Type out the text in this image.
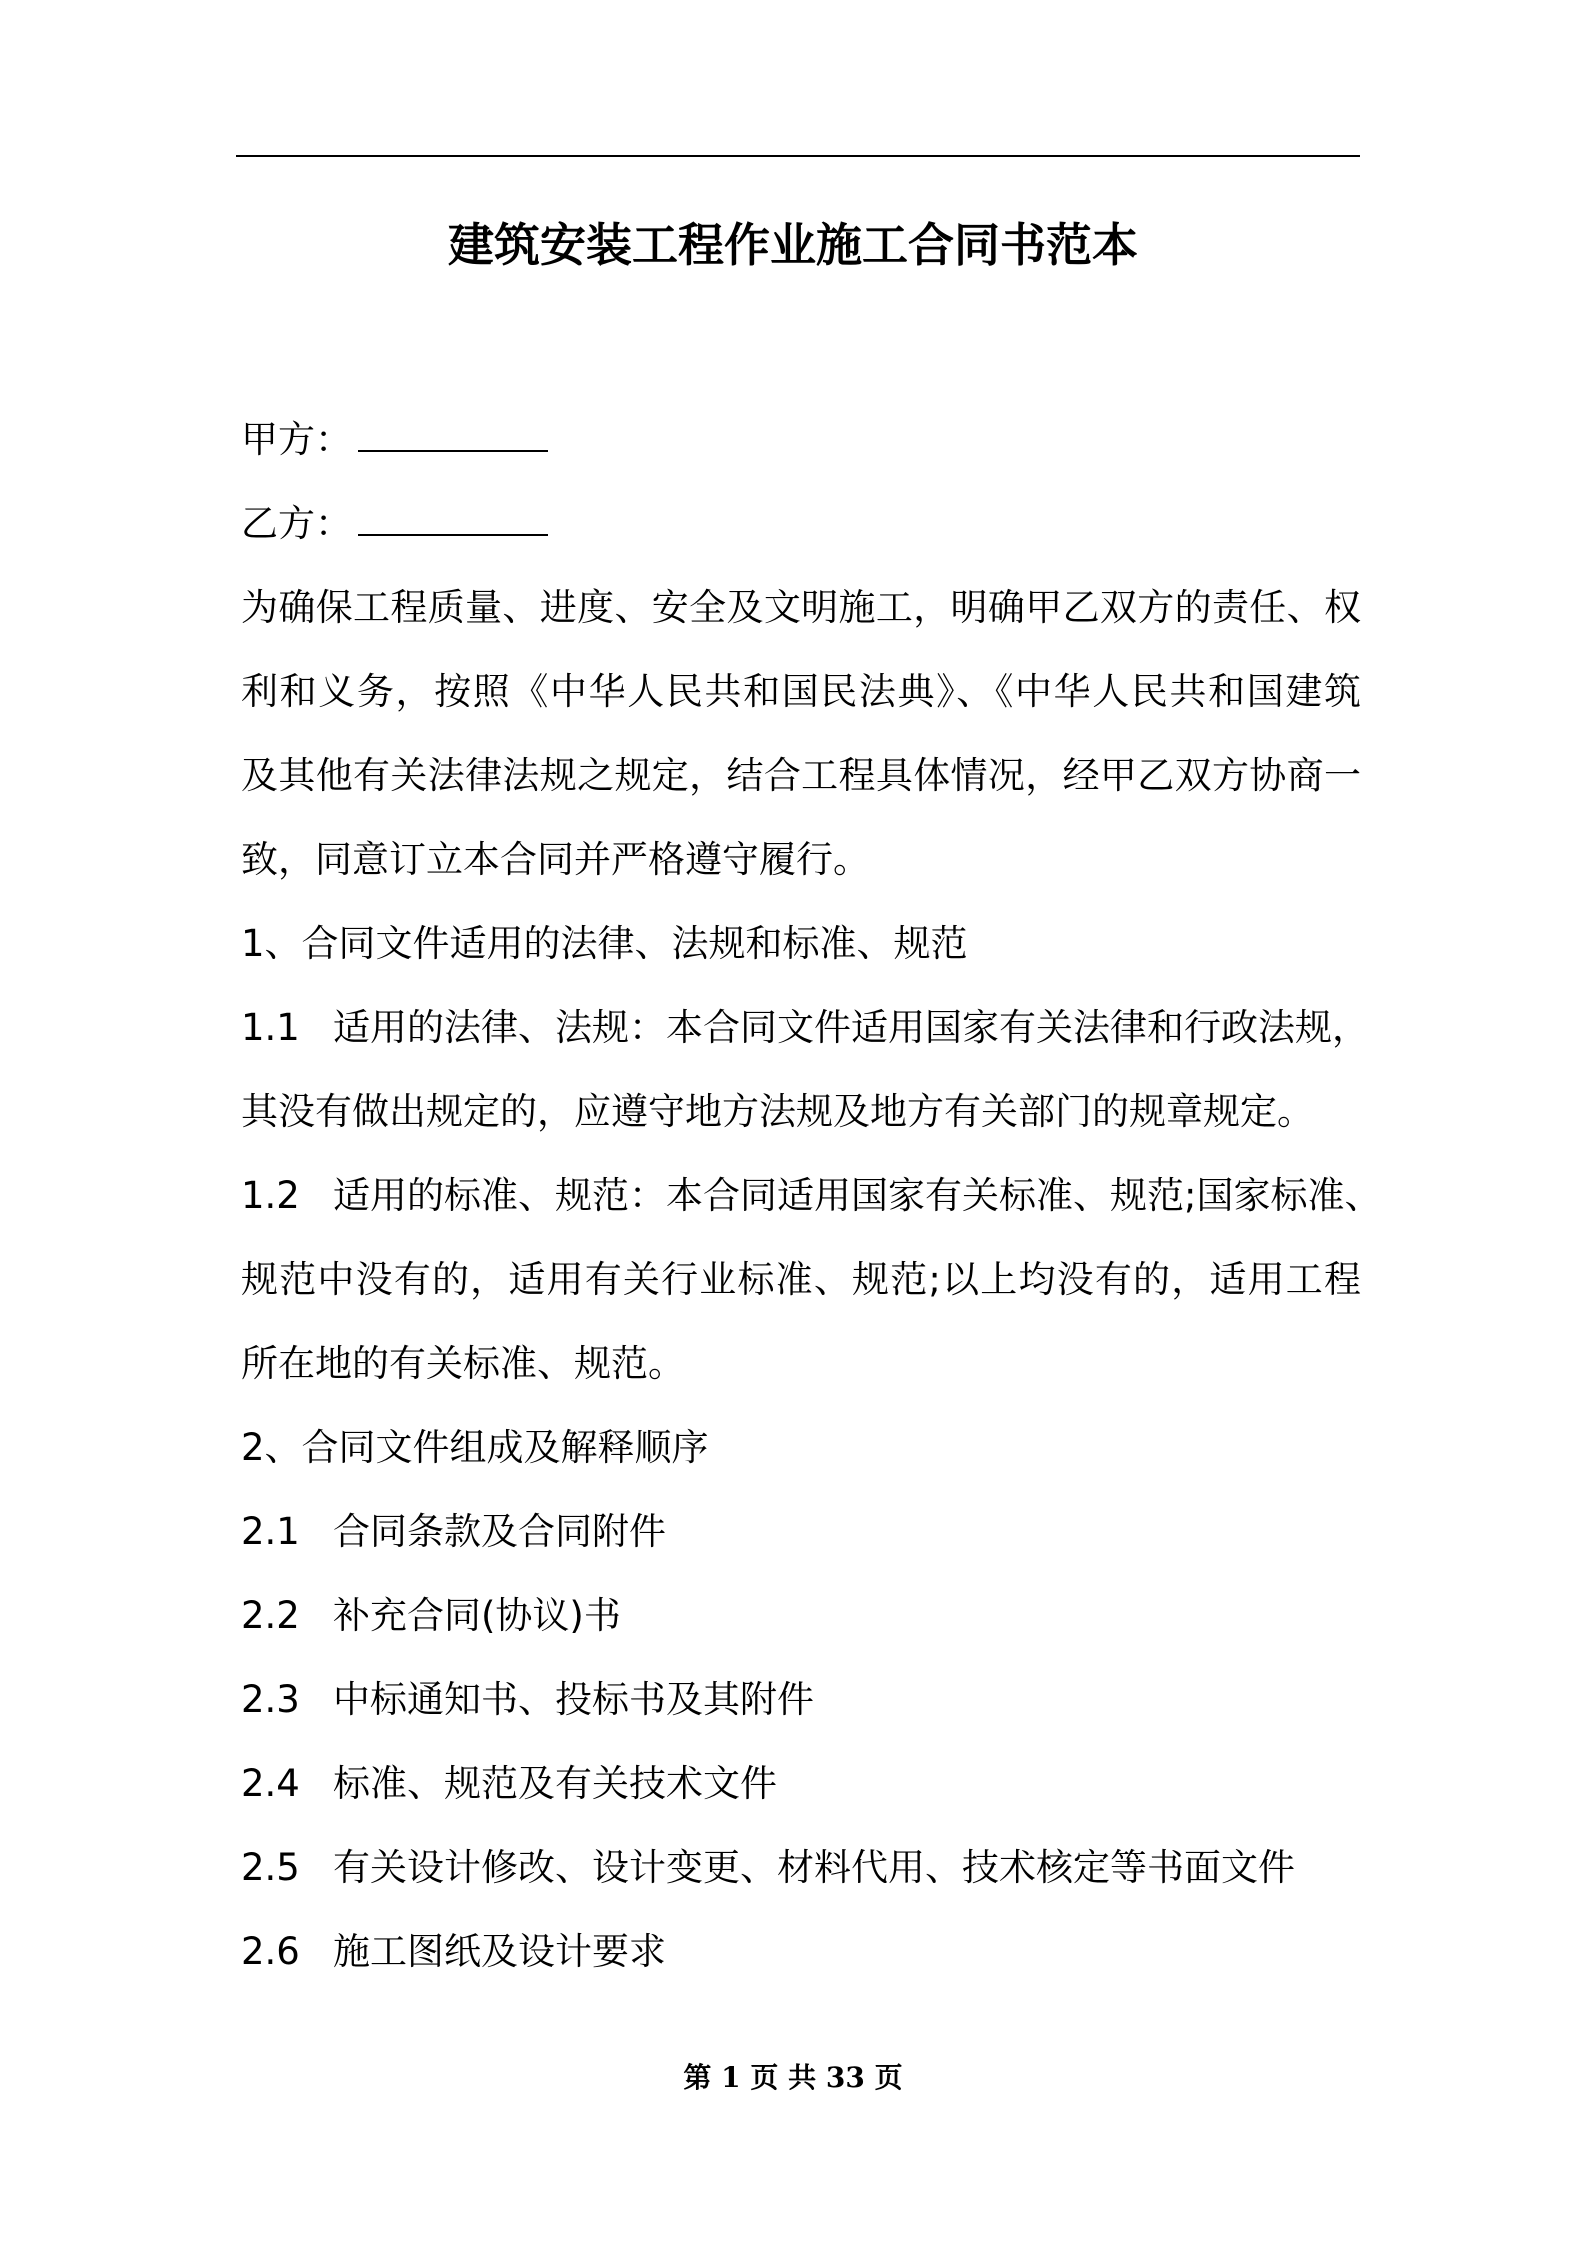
建筑安装工程作业施工合同书范本
甲方：
乙方：
为确保工程质量、进度、安全及文明施工，明确甲乙双方的责任、权
利和义务，按照《中华人民共和国民法典》、《中华人民共和国建筑
及其他有关法律法规之规定，结合工程具体情况，经甲乙双方协商一
致，同意订立本合同并严格遵守履行。
1、合同文件适用的法律、法规和标准、规范
1.1 适用的法律、法规：本合同文件适用国家有关法律和行政法规，
其没有做出规定的，应遵守地方法规及地方有关部门的规章规定。
1.2 适用的标准、规范：本合同适用国家有关标准、规范;国家标准、
规范中没有的，适用有关行业标准、规范;以上均没有的，适用工程
所在地的有关标准、规范。
2、合同文件组成及解释顺序
2.1 合同条款及合同附件
2.2 补充合同(协议)书
2.3 中标通知书、投标书及其附件
2.4 标准、规范及有关技术文件
2.5 有关设计修改、设计变更、材料代用、技术核定等书面文件
2.6 施工图纸及设计要求
第 1 页 共 33 页
